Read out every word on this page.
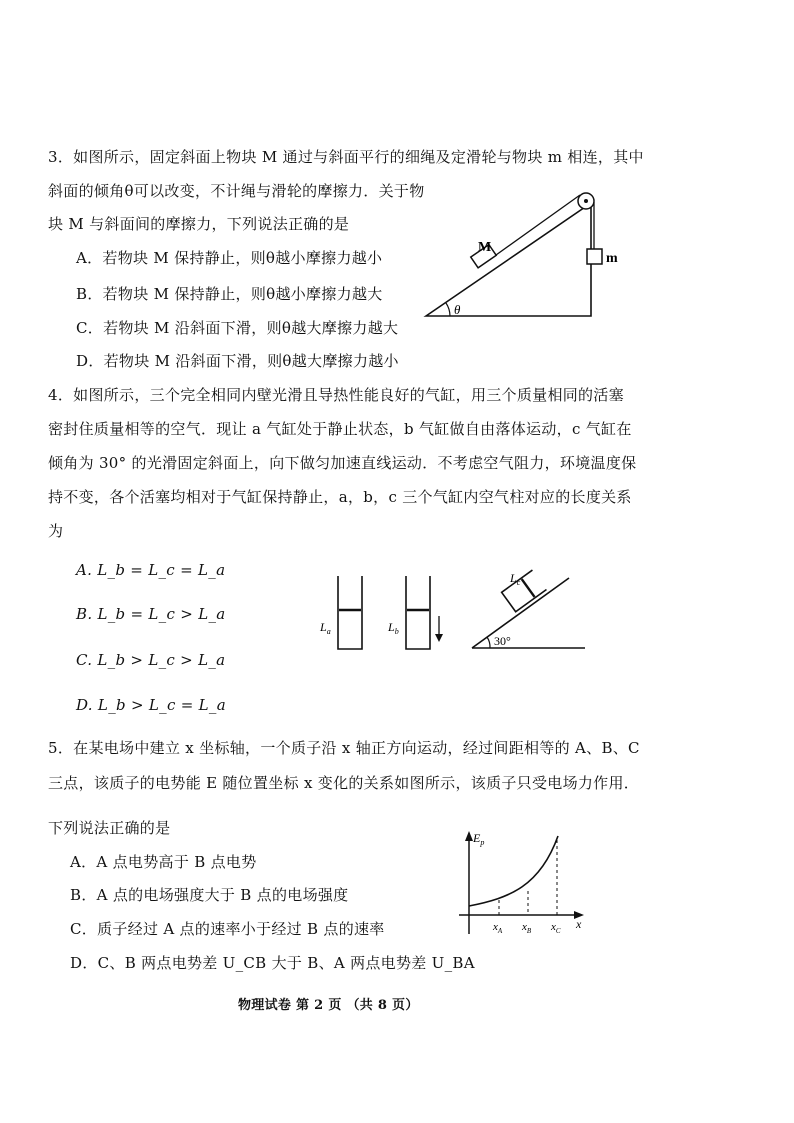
3．如图所示，固定斜面上物块 M 通过与斜面平行的细绳及定滑轮与物块 m 相连，其中
斜面的倾角θ可以改变，不计绳与滑轮的摩擦力．关于物
块 M 与斜面间的摩擦力，下列说法正确的是
A．若物块 M 保持静止，则θ越小摩擦力越小
B．若物块 M 保持静止，则θ越小摩擦力越大
C．若物块 M 沿斜面下滑，则θ越大摩擦力越大
D．若物块 M 沿斜面下滑，则θ越大摩擦力越小
θ
M
m
4．如图所示，三个完全相同内壁光滑且导热性能良好的气缸，用三个质量相同的活塞
密封住质量相等的空气．现让 a 气缸处于静止状态，b 气缸做自由落体运动，c 气缸在
倾角为 30° 的光滑固定斜面上，向下做匀加速直线运动．不考虑空气阻力，环境温度保
持不变，各个活塞均相对于气缸保持静止，a，b，c 三个气缸内空气柱对应的长度关系
为
A. L_b = L_c = L_a
B. L_b = L_c > L_a
C. L_b > L_c > L_a
D. L_b > L_c = L_a
$L_a$	$L_b$
$L_c$
30°
5．在某电场中建立 x 坐标轴，一个质子沿 x 轴正方向运动，经过间距相等的 A、B、C
三点，该质子的电势能 E 随位置坐标 x 变化的关系如图所示，该质子只受电场力作用．
下列说法正确的是
A．A 点电势高于 B 点电势
B．A 点的电场强度大于 B 点的电场强度
C．质子经过 A 点的速率小于经过 B 点的速率
D．C、B 两点电势差 U_CB 大于 B、A 两点电势差 U_BA
$E_p$
x
$x_A$ $x_B$ $x_C$
物理试卷 第 2 页 （共 8 页）
